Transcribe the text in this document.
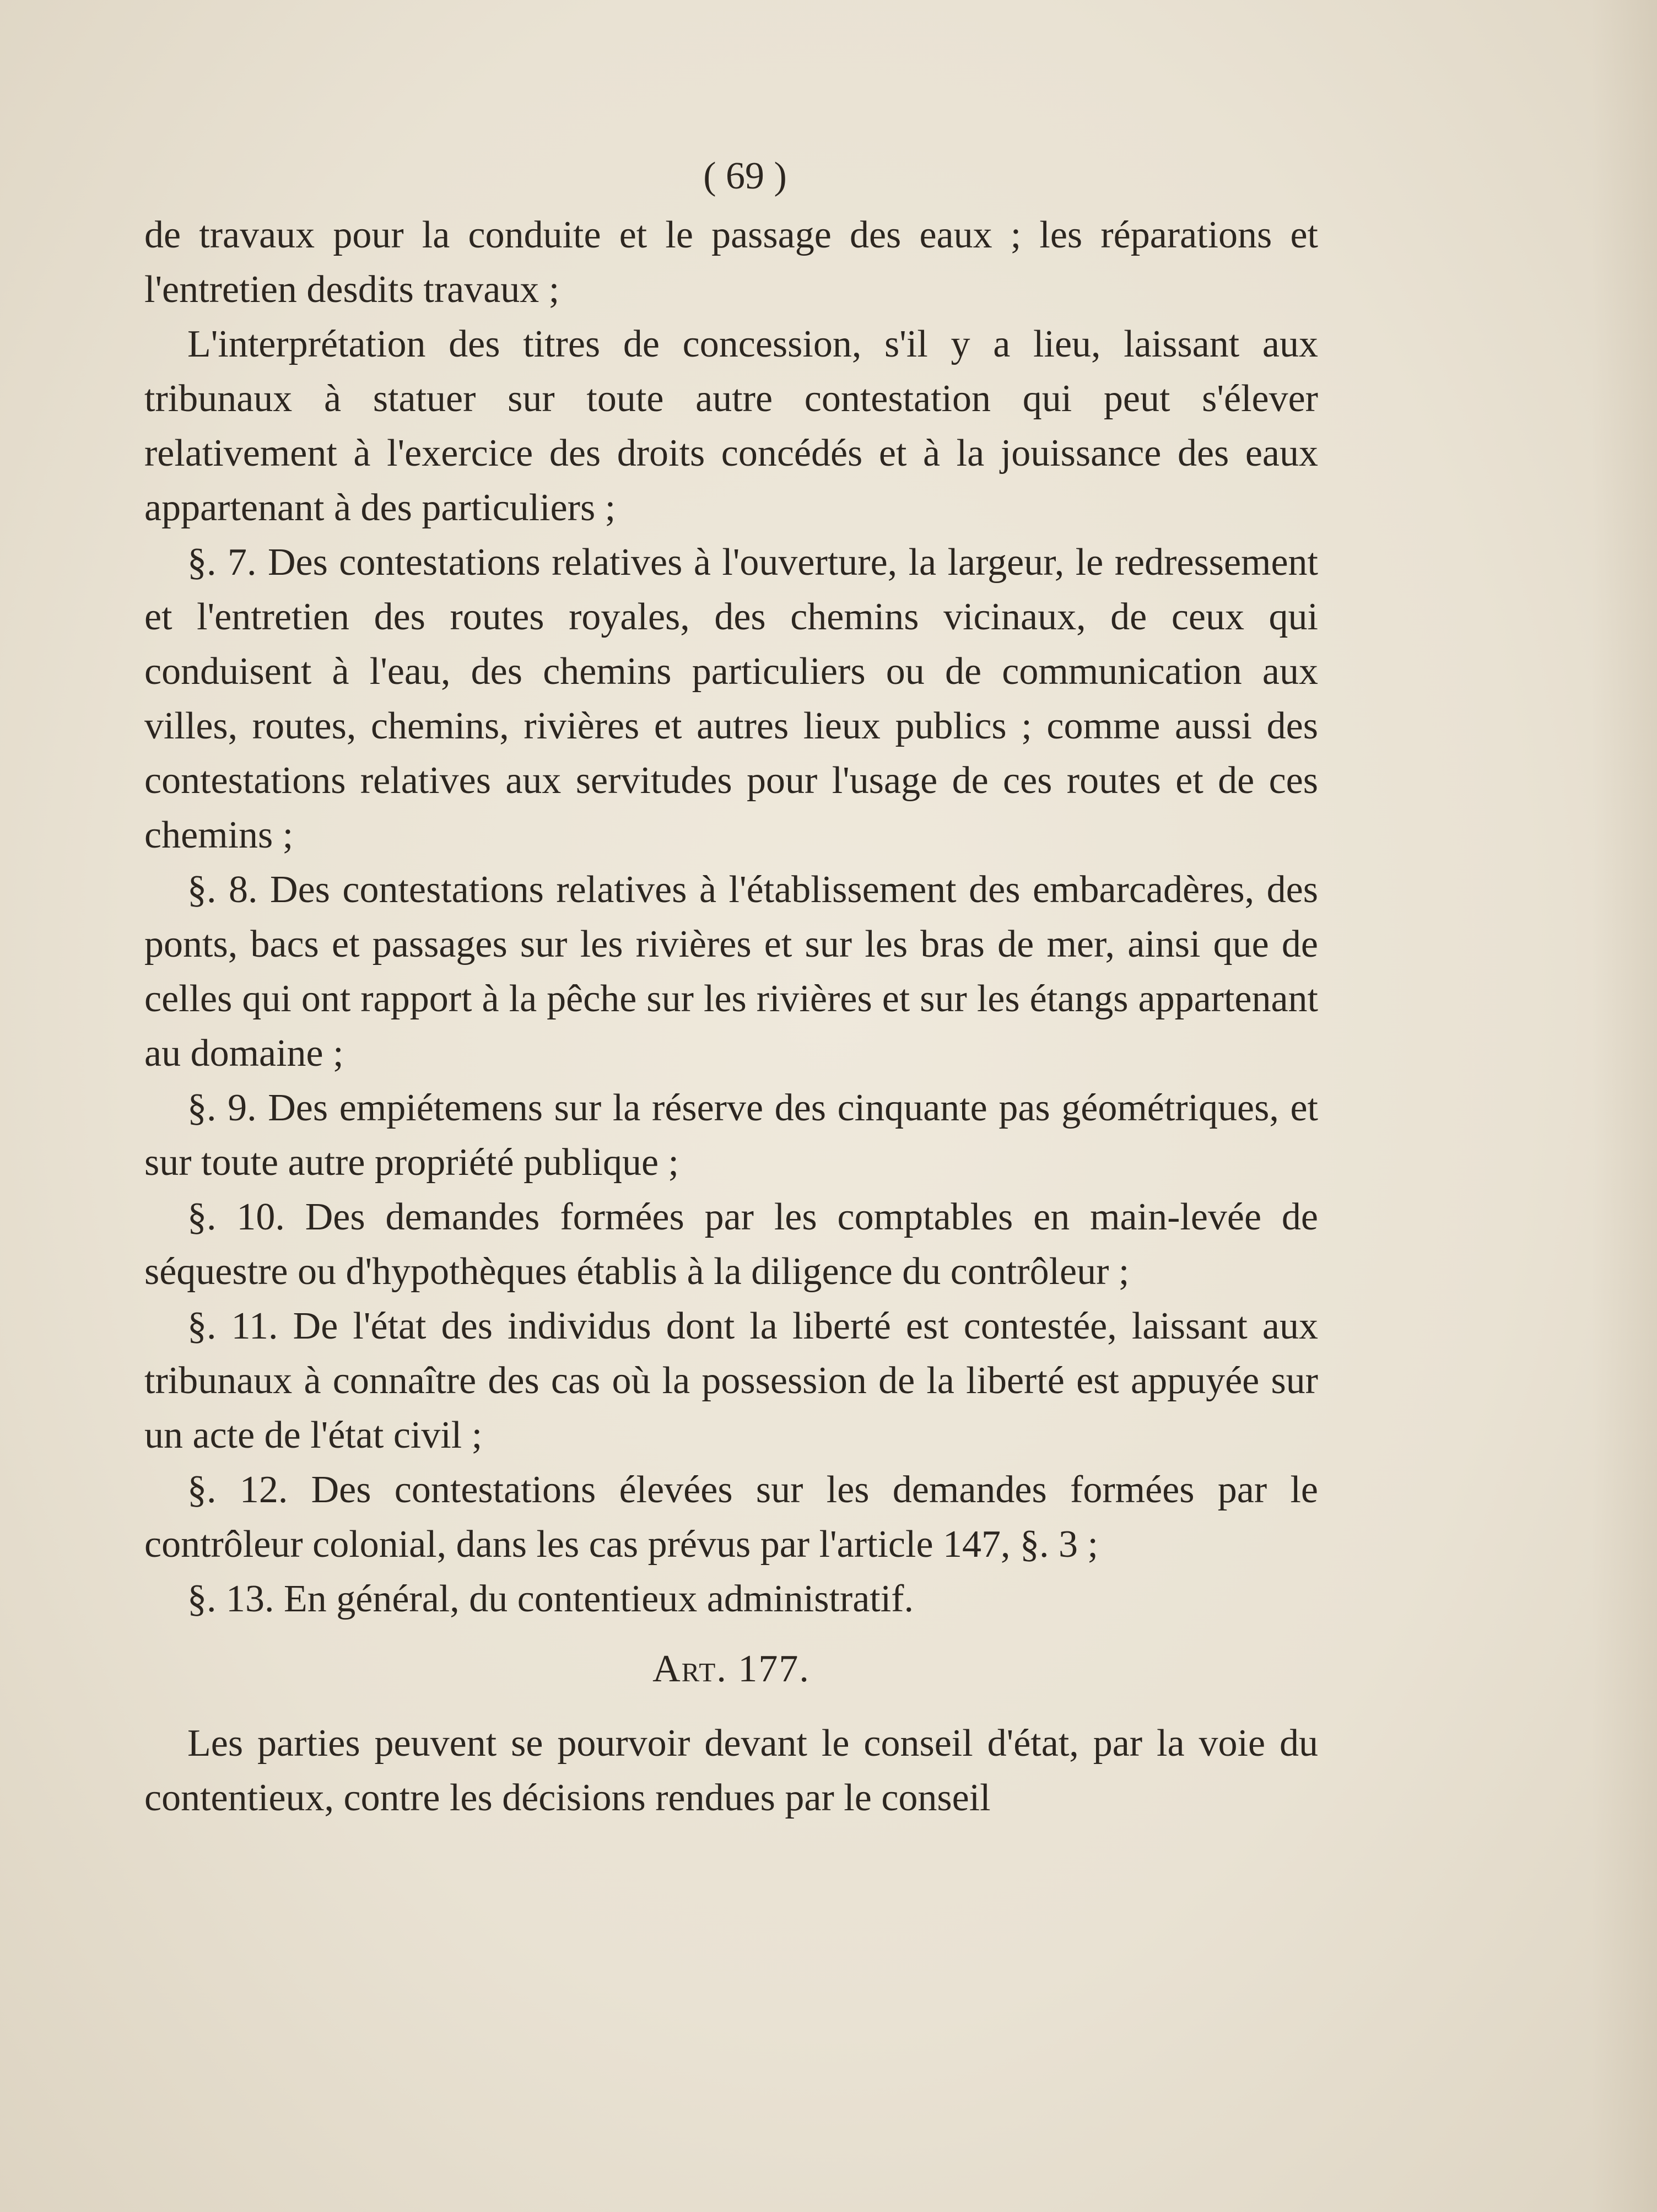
( 69 )

de travaux pour la conduite et le passage des eaux ; les réparations et l'entretien desdits travaux ;

L'interprétation des titres de concession, s'il y a lieu, laissant aux tribunaux à statuer sur toute autre contestation qui peut s'élever relativement à l'exercice des droits concédés et à la jouissance des eaux appartenant à des particuliers ;

§. 7. Des contestations relatives à l'ouverture, la largeur, le redressement et l'entretien des routes royales, des chemins vicinaux, de ceux qui conduisent à l'eau, des chemins particuliers ou de communication aux villes, routes, chemins, rivières et autres lieux publics ; comme aussi des contestations relatives aux servitudes pour l'usage de ces routes et de ces chemins ;

§. 8. Des contestations relatives à l'établissement des embarcadères, des ponts, bacs et passages sur les rivières et sur les bras de mer, ainsi que de celles qui ont rapport à la pêche sur les rivières et sur les étangs appartenant au domaine ;

§. 9. Des empiétemens sur la réserve des cinquante pas géométriques, et sur toute autre propriété publique ;

§. 10. Des demandes formées par les comptables en main-levée de séquestre ou d'hypothèques établis à la diligence du contrôleur ;

§. 11. De l'état des individus dont la liberté est contestée, laissant aux tribunaux à connaître des cas où la possession de la liberté est appuyée sur un acte de l'état civil ;

§. 12. Des contestations élevées sur les demandes formées par le contrôleur colonial, dans les cas prévus par l'article 147, §. 3 ;

§. 13. En général, du contentieux administratif.

Art. 177.

Les parties peuvent se pourvoir devant le conseil d'état, par la voie du contentieux, contre les décisions rendues par le conseil
